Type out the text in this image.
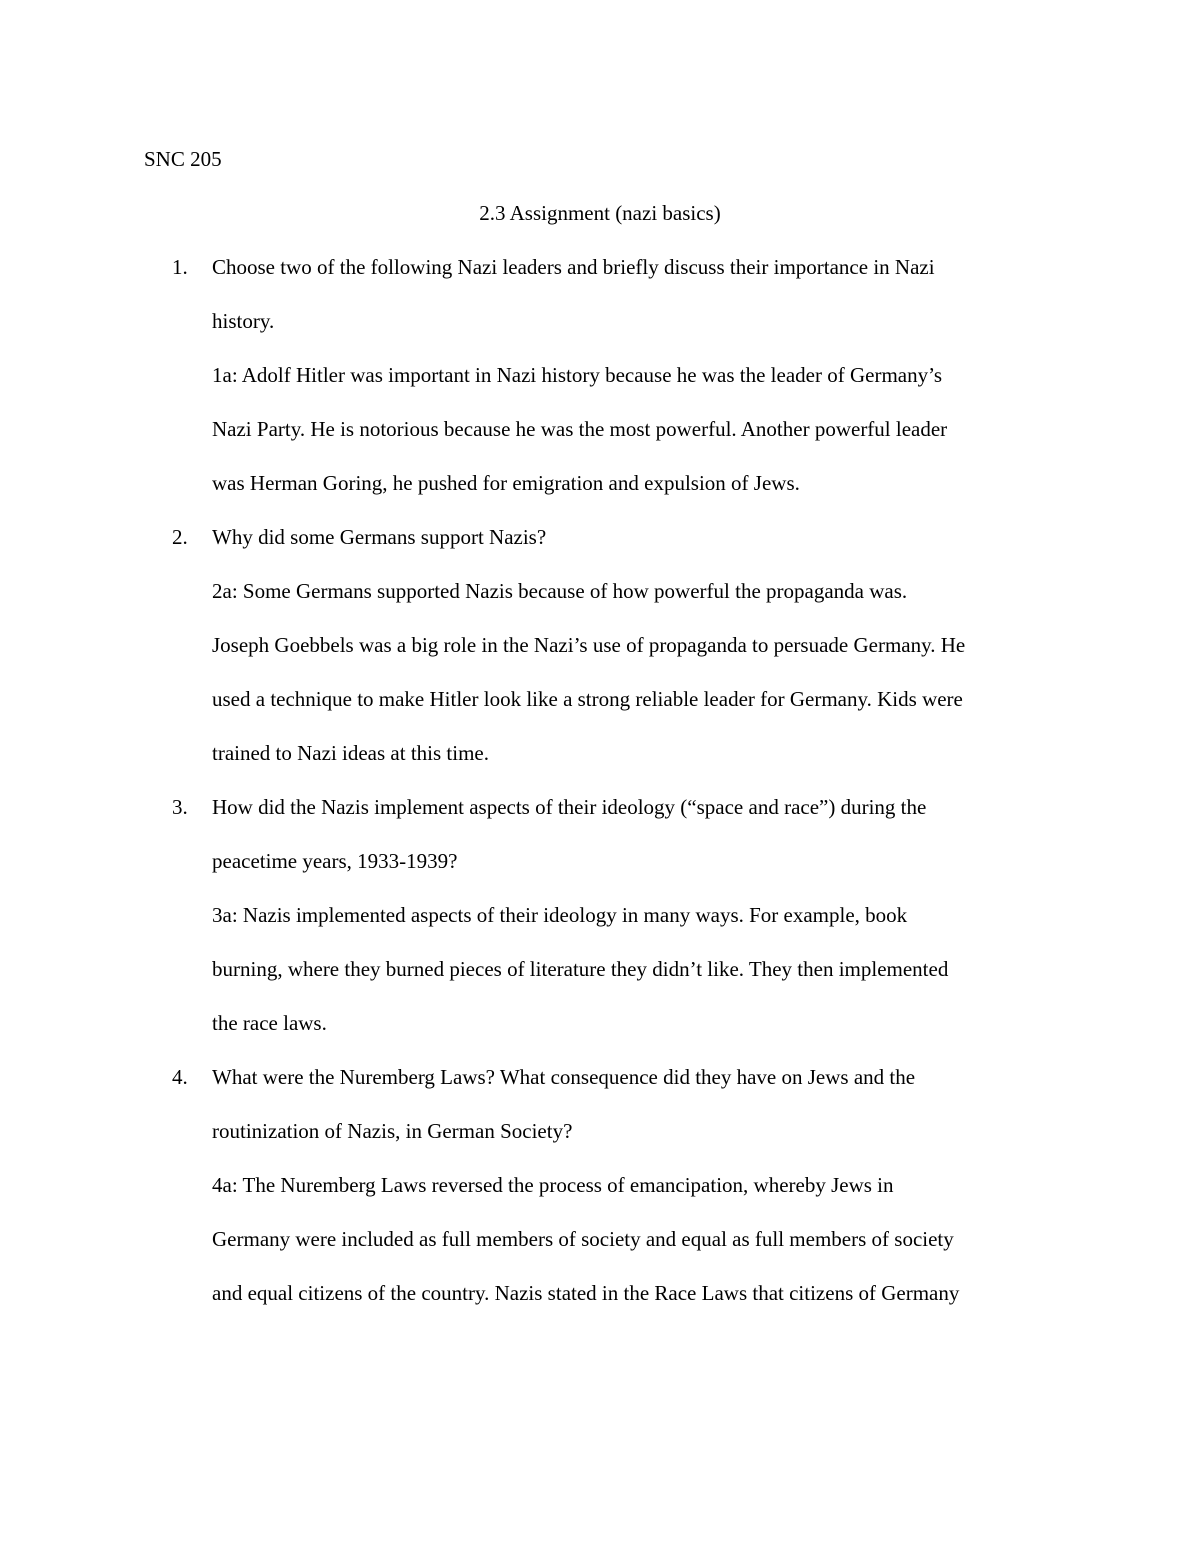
SNC 205
2.3 Assignment (nazi basics)
1. Choose two of the following Nazi leaders and briefly discuss their importance in Nazi
history.
1a: Adolf Hitler was important in Nazi history because he was the leader of Germany’s
Nazi Party. He is notorious because he was the most powerful. Another powerful leader
was Herman Goring, he pushed for emigration and expulsion of Jews.
2. Why did some Germans support Nazis?
2a: Some Germans supported Nazis because of how powerful the propaganda was.
Joseph Goebbels was a big role in the Nazi’s use of propaganda to persuade Germany. He
used a technique to make Hitler look like a strong reliable leader for Germany. Kids were
trained to Nazi ideas at this time.
3. How did the Nazis implement aspects of their ideology (“space and race”) during the
peacetime years, 1933-1939?
3a: Nazis implemented aspects of their ideology in many ways. For example, book
burning, where they burned pieces of literature they didn’t like. They then implemented
the race laws.
4. What were the Nuremberg Laws? What consequence did they have on Jews and the
routinization of Nazis, in German Society?
4a: The Nuremberg Laws reversed the process of emancipation, whereby Jews in
Germany were included as full members of society and equal as full members of society
and equal citizens of the country. Nazis stated in the Race Laws that citizens of Germany
